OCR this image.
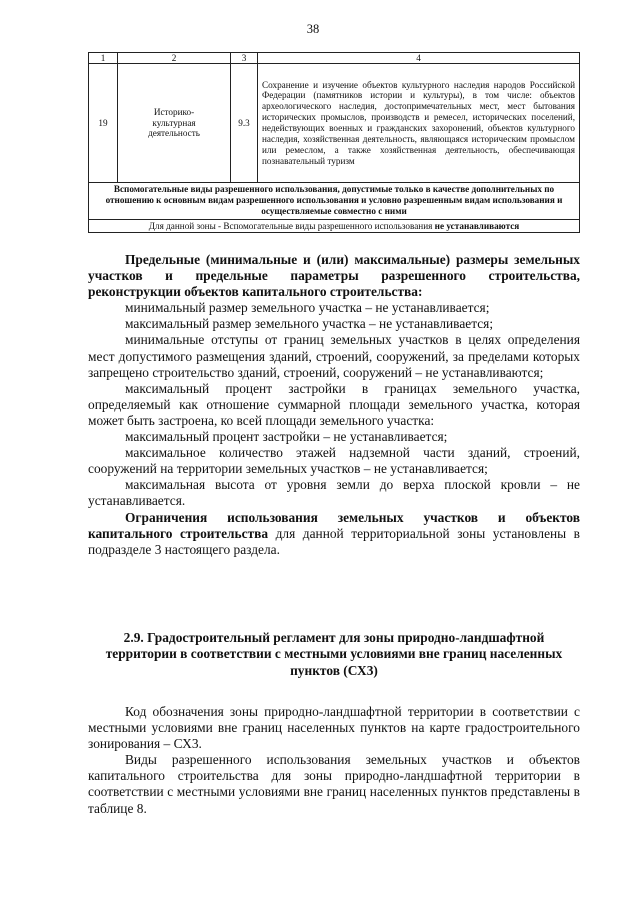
38
1	2	3	4
19	Историко-культурная деятельность	9.3	Сохранение и изучение объектов культурного наследия народов Российской Федерации (памятников истории и культуры), в том числе: объектов археологического наследия, достопримечательных мест, мест бытования исторических промыслов, производств и ремесел, исторических поселений, недействующих военных и гражданских захоронений, объектов культурного наследия, хозяйственная деятельность, являющаяся историческим промыслом или ремеслом, а также хозяйственная деятельность, обеспечивающая познавательный туризм
Вспомогательные виды разрешенного использования, допустимые только в качестве дополнительных по отношению к основным видам разрешенного использования и условно разрешенным видам использования и осуществляемые совместно с ними			
Для данной зоны - Вспомогательные виды разрешенного использования не устанавливаются			

Предельные (минимальные и (или) максимальные) размеры земельных участков и предельные параметры разрешенного строительства, реконструкции объектов капитального строительства:

минимальный размер земельного участка – не устанавливается;

максимальный размер земельного участка – не устанавливается;

минимальные отступы от границ земельных участков в целях определения мест допустимого размещения зданий, строений, сооружений, за пределами которых запрещено строительство зданий, строений, сооружений – не устанавливаются;

максимальный процент застройки в границах земельного участка, определяемый как отношение суммарной площади земельного участка, которая может быть застроена, ко всей площади земельного участка:

максимальный процент застройки – не устанавливается;

максимальное количество этажей надземной части зданий, строений, сооружений на территории земельных участков – не устанавливается;

максимальная высота от уровня земли до верха плоской кровли – не устанавливается.

Ограничения использования земельных участков и объектов капитального строительства для данной территориальной зоны установлены в подразделе 3 настоящего раздела.

2.9. Градостроительный регламент для зоны природно-ландшафтной территории в соответствии с местными условиями вне границ населенных пунктов (СХ3)

Код обозначения зоны природно-ландшафтной территории в соответствии с местными условиями вне границ населенных пунктов на карте градостроительного зонирования – СХ3.

Виды разрешенного использования земельных участков и объектов капитального строительства для зоны природно-ландшафтной территории в соответствии с местными условиями вне границ населенных пунктов представлены в таблице 8.
